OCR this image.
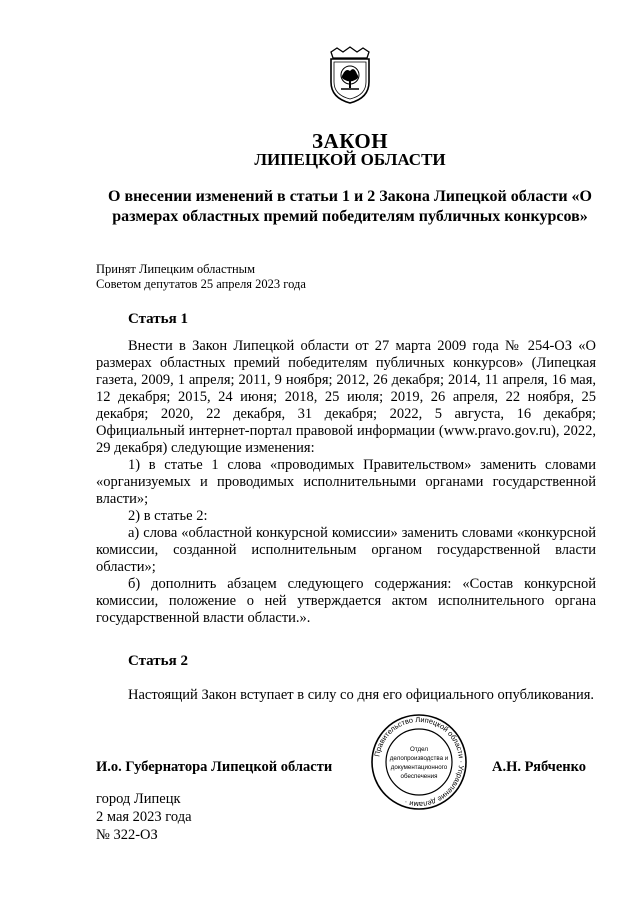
ЗАКОН
ЛИПЕЦКОЙ ОБЛАСТИ
О внесении изменений в статьи 1 и 2 Закона Липецкой области «О размерах областных премий победителям публичных конкурсов»
Принят Липецким областным
Советом депутатов 25 апреля 2023 года
Статья 1

Внести в Закон Липецкой области от 27 марта 2009 года № 254-ОЗ «О размерах областных премий победителям публичных конкурсов» (Липецкая газета, 2009, 1 апреля; 2011, 9 ноября; 2012, 26 декабря; 2014, 11 апреля, 16 мая, 12 декабря; 2015, 24 июня; 2018, 25 июля; 2019, 26 апреля, 22 ноября, 25 декабря; 2020, 22 декабря, 31 декабря; 2022, 5 августа, 16 декабря; Официальный интернет-портал правовой информации (www.pravo.gov.ru), 2022, 29 декабря) следующие изменения:

1) в статье 1 слова «проводимых Правительством» заменить словами «организуемых и проводимых исполнительными органами государственной власти»;

2) в статье 2:

а) слова «областной конкурсной комиссии» заменить словами «конкурсной комиссии, созданной исполнительным органом государственной власти области»;

б) дополнить абзацем следующего содержания: «Состав конкурсной комиссии, положение о ней утверждается актом исполнительного органа государственной власти области.».

Статья 2

Настоящий Закон вступает в силу со дня его официального опубликования.

И.о. Губернатора Липецкой области
Правительство Липецкой области · Управление делами ·
Отдел
делопроизводства и
документационного
обеспечения
А.Н. Рябченко
город Липецк
2 мая 2023 года
№ 322-ОЗ
